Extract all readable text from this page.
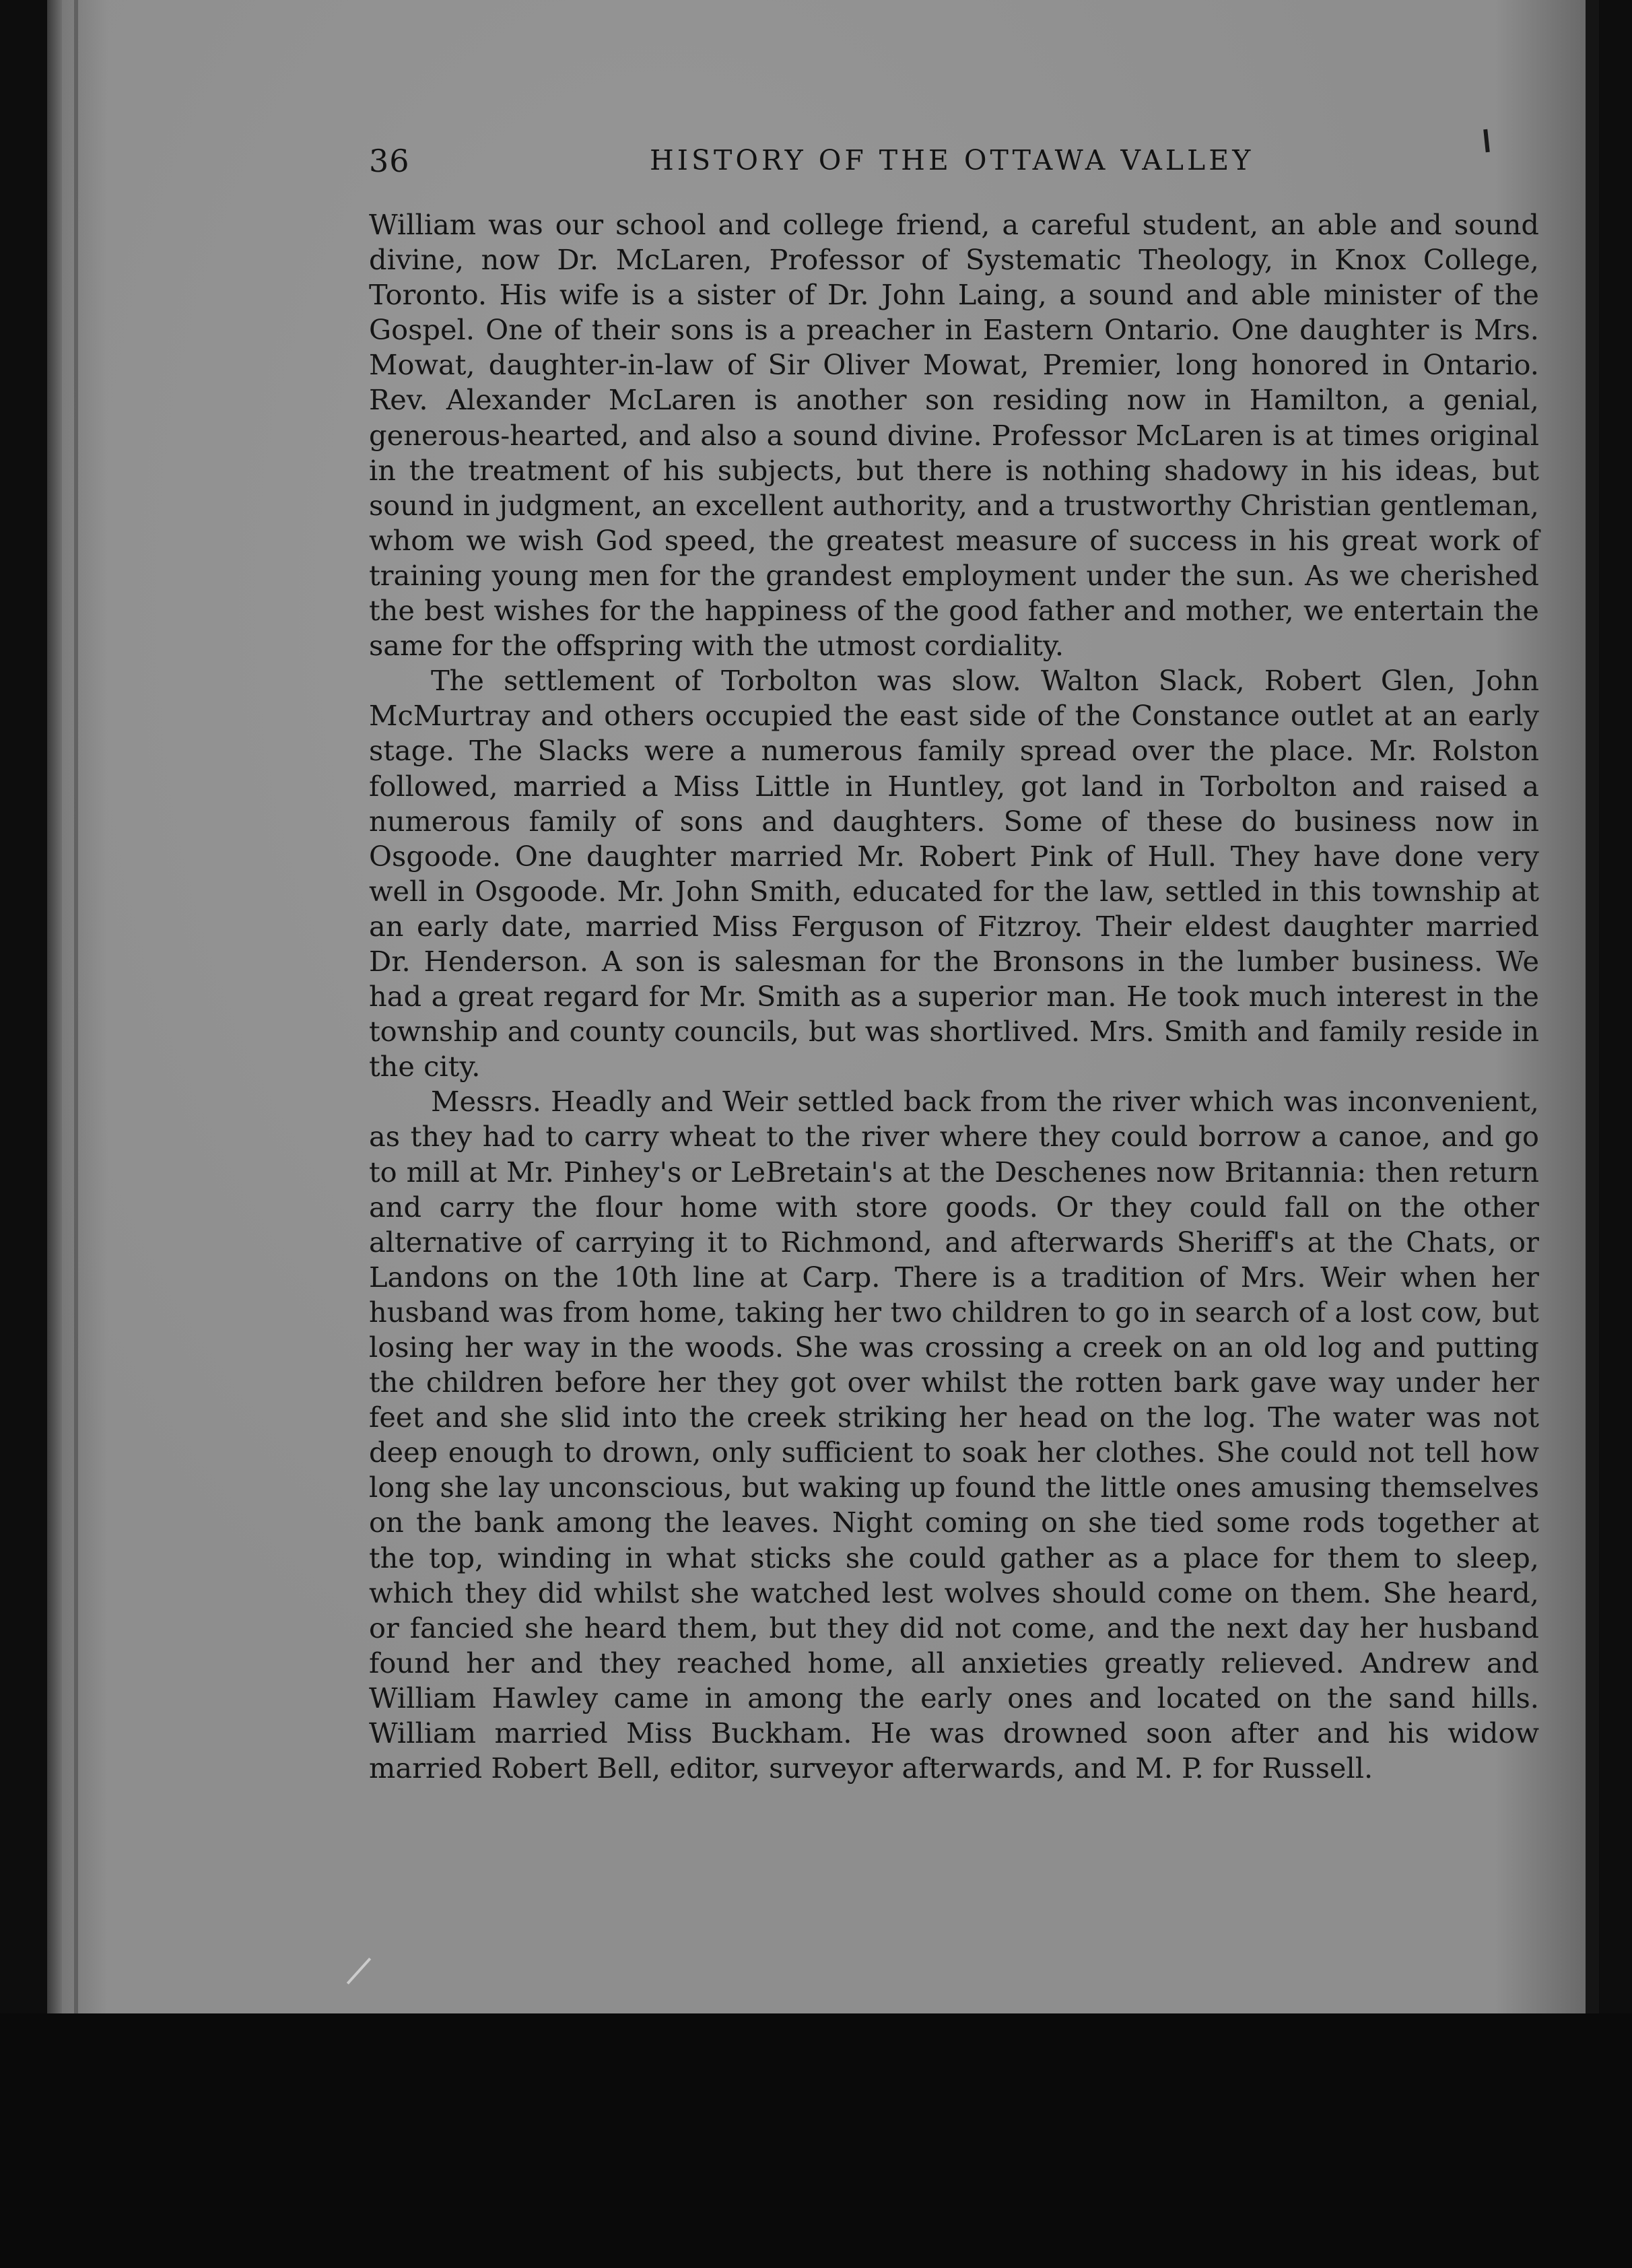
36	HISTORY OF THE OTTAWA VALLEY

William was our school and college friend, a careful student, an able and sound divine, now Dr. McLaren, Professor of Systematic Theology, in Knox College, Toronto. His wife is a sister of Dr. John Laing, a sound and able minister of the Gospel. One of their sons is a preacher in Eastern Ontario. One daughter is Mrs. Mowat, daughter-in-law of Sir Oliver Mowat, Premier, long honored in Ontario. Rev. Alexander McLaren is another son residing now in Hamilton, a genial, generous-hearted, and also a sound divine. Professor McLaren is at times original in the treatment of his subjects, but there is nothing shadowy in his ideas, but sound in judgment, an excellent authority, and a trustworthy Christian gentleman, whom we wish God speed, the greatest measure of success in his great work of training young men for the grandest employment under the sun. As we cherished the best wishes for the happiness of the good father and mother, we entertain the same for the offspring with the utmost cordiality.

The settlement of Torbolton was slow. Walton Slack, Robert Glen, John McMurtray and others occupied the east side of the Constance outlet at an early stage. The Slacks were a numerous family spread over the place. Mr. Rolston followed, married a Miss Little in Huntley, got land in Torbolton and raised a numerous family of sons and daughters. Some of these do business now in Osgoode. One daughter married Mr. Robert Pink of Hull. They have done very well in Osgoode. Mr. John Smith, educated for the law, settled in this township at an early date, married Miss Ferguson of Fitzroy. Their eldest daughter married Dr. Henderson. A son is salesman for the Bronsons in the lumber business. We had a great regard for Mr. Smith as a superior man. He took much interest in the township and county councils, but was shortlived. Mrs. Smith and family reside in the city.

Messrs. Headly and Weir settled back from the river which was inconvenient, as they had to carry wheat to the river where they could borrow a canoe, and go to mill at Mr. Pinhey's or LeBretain's at the Deschenes now Britannia: then return and carry the flour home with store goods. Or they could fall on the other alternative of carrying it to Richmond, and afterwards Sheriff's at the Chats, or Landons on the 10th line at Carp. There is a tradition of Mrs. Weir when her husband was from home, taking her two children to go in search of a lost cow, but losing her way in the woods. She was crossing a creek on an old log and putting the children before her they got over whilst the rotten bark gave way under her feet and she slid into the creek striking her head on the log. The water was not deep enough to drown, only sufficient to soak her clothes. She could not tell how long she lay unconscious, but waking up found the little ones amusing themselves on the bank among the leaves. Night coming on she tied some rods together at the top, winding in what sticks she could gather as a place for them to sleep, which they did whilst she watched lest wolves should come on them. She heard, or fancied she heard them, but they did not come, and the next day her husband found her and they reached home, all anxieties greatly relieved. Andrew and William Hawley came in among the early ones and located on the sand hills. William married Miss Buckham. He was drowned soon after and his widow married Robert Bell, editor, surveyor afterwards, and M. P. for Russell.
